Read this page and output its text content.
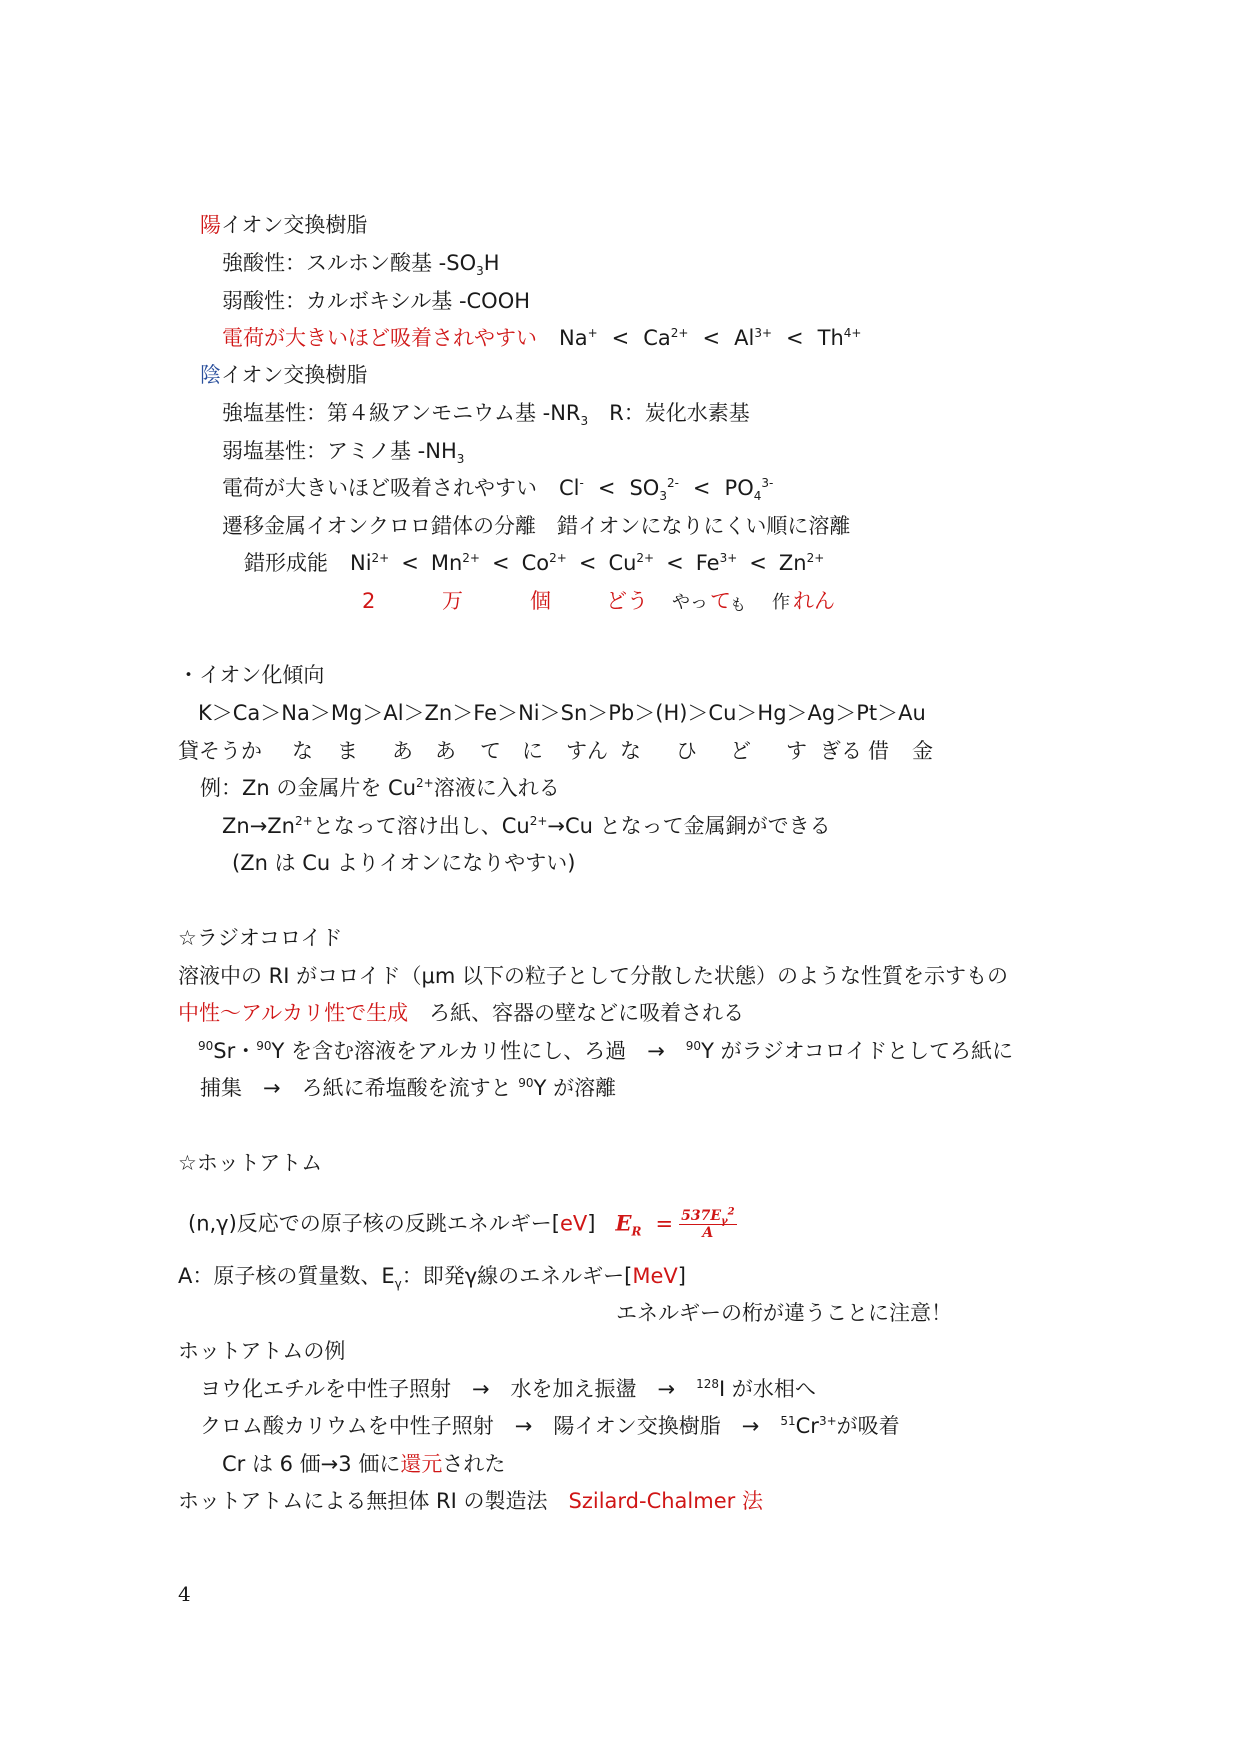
陽イオン交換樹脂
強酸性：スルホン酸基 $-SO_3H$
弱酸性：カルボキシル基 -COOH
電荷が大きいほど吸着されやすい $Na^+ < Ca^{2+} < Al^{3+} < Th^{4+}$
陰イオン交換樹脂
強塩基性：第４級アンモニウム基 $-NR_3$　R：炭化水素基
弱塩基性：アミノ基 $-NH_3$
電荷が大きいほど吸着されやすい $Cl^- < SO_3^{2-} < PO_4^{3-}$
遷移金属イオンクロロ錯体の分離　錯イオンになりにくい順に溶離
錯形成能 $Ni^{2+} < Mn^{2+} < Co^{2+} < Cu^{2+} < Fe^{3+} < Zn^{2+}$
2	万	個	どう やっ て も 作 れん
・イオン化傾向
K＞Ca＞Na＞Mg＞Al＞Zn＞Fe＞Ni＞Sn＞Pb＞(H)＞Cu＞Hg＞Ag＞Pt＞Au
貸そうか な ま あ あ て に すん な ひ ど す ぎる 借 金
例：Zn の金属片を $Cu^{2+}$溶液に入れる
$Zn\to Zn^{2+}$となって溶け出し、$Cu^{2+}\to Cu$ となって金属銅ができる
(Zn は Cu よりイオンになりやすい)
☆ラジオコロイド
溶液中の RI がコロイド（μm 以下の粒子として分散した状態）のような性質を示すもの
中性～アルカリ性で生成　ろ紙、容器の壁などに吸着される
$^{90}$Sr・$^{90}$Y を含む溶液をアルカリ性にし、ろ過　→　$^{90}$Y がラジオコロイドとしてろ紙に
捕集　→　ろ紙に希塩酸を流すと $^{90}$Y が溶離
☆ホットアトム
(n,γ)反応での原子核の反跳エネルギー[eV] $E_R = \frac{537E_\gamma^2}{A}$
A：原子核の質量数、$E_\gamma$：即発γ線のエネルギー[MeV]
エネルギーの桁が違うことに注意！
ホットアトムの例
ヨウ化エチルを中性子照射　→　水を加え振盪　→　$^{128}$I が水相へ
クロム酸カリウムを中性子照射　→　陽イオン交換樹脂　→　$^{51}Cr^{3+}$が吸着
Cr は 6 価→3 価に還元された
ホットアトムによる無担体 RI の製造法　Szilard-Chalmer 法
4
